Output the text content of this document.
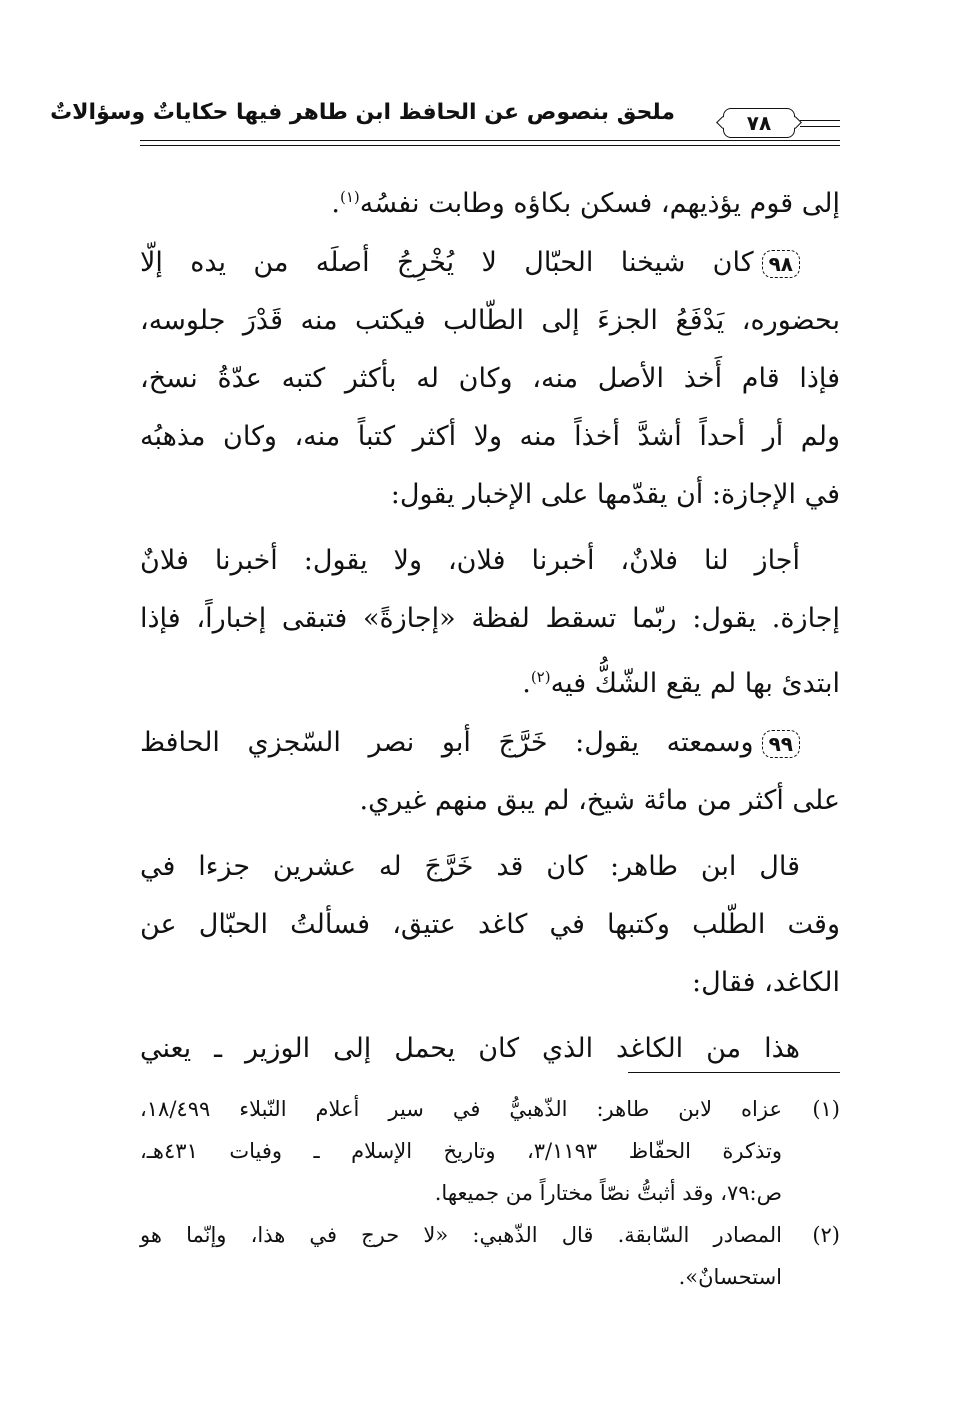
ملحق بنصوص عن الحافظ ابن طاهر فيها حكاياتٌ وسؤالاتٌ	٧٨
إلى قوم يؤذيهم، فسكن بكاؤه وطابت نفسُه$^{(١)}$.
٩٨كان شيخنا الحبّال لا يُخْرِجُ أصلَه من يده إلّا
بحضوره، يَدْفَعُ الجزءَ إلى الطّالب فيكتب منه قَدْرَ جلوسه،
فإذا قام أَخذ الأصل منه، وكان له بأكثر كتبه عدّةُ نسخ،
ولم أر أحداً أشدَّ أخذاً منه ولا أكثر كتباً منه، وكان مذهبُه
في الإجازة: أن يقدّمها على الإخبار يقول:
أجاز لنا فلانٌ، أخبرنا فلان، ولا يقول: أخبرنا فلانٌ
إجازة. يقول: ربّما تسقط لفظة «إجازةً» فتبقى إخباراً، فإذا
ابتدئ بها لم يقع الشّكُّ فيه$^{(٢)}$.
٩٩وسمعته يقول: خَرَّجَ أبو نصر السّجزي الحافظ
على أكثر من مائة شيخ، لم يبق منهم غيري.
قال ابن طاهر: كان قد خَرَّجَ له عشرين جزءا في
وقت الطّلب وكتبها في كاغد عتيق، فسألتُ الحبّال عن
الكاغد، فقال:
هذا من الكاغد الذي كان يحمل إلى الوزير ـ يعني
(١)
عزاه لابن طاهر: الذّهبيُّ في سير أعلام النّبلاء ١٨/٤٩٩،
وتذكرة الحفّاظ ٣/١١٩٣، وتاريخ الإسلام ـ وفيات ٤٣١هـ،
ص:٧٩، وقد أثبتُّ نصّاً مختاراً من جميعها.
(٢)
المصادر السّابقة. قال الذّهبي: «لا حرج في هذا، وإنّما هو
استحسانٌ».
